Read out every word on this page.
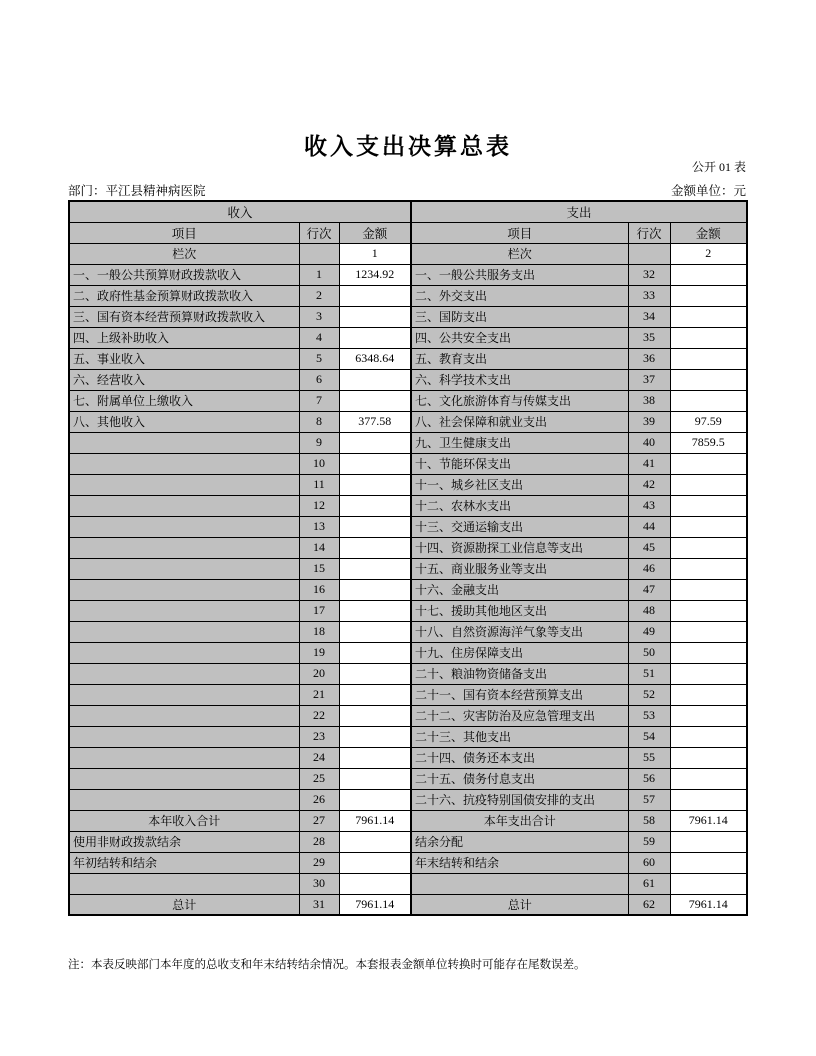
收入支出决算总表
公开 01 表
部门：平江县精神病医院	金额单位：元
收入			支出		
项目	行次	金额	项目	行次	金额
栏次		1	栏次		2
一、一般公共预算财政拨款收入	1	1234.92	一、一般公共服务支出	32	
二、政府性基金预算财政拨款收入	2		二、外交支出	33	
三、国有资本经营预算财政拨款收入	3		三、国防支出	34	
四、上级补助收入	4		四、公共安全支出	35	
五、事业收入	5	6348.64	五、教育支出	36	
六、经营收入	6		六、科学技术支出	37	
七、附属单位上缴收入	7		七、文化旅游体育与传媒支出	38	
八、其他收入	8	377.58	八、社会保障和就业支出	39	97.59
	9		九、卫生健康支出	40	7859.5
	10		十、节能环保支出	41	
	11		十一、城乡社区支出	42	
	12		十二、农林水支出	43	
	13		十三、交通运输支出	44	
	14		十四、资源勘探工业信息等支出	45	
	15		十五、商业服务业等支出	46	
	16		十六、金融支出	47	
	17		十七、援助其他地区支出	48	
	18		十八、自然资源海洋气象等支出	49	
	19		十九、住房保障支出	50	
	20		二十、粮油物资储备支出	51	
	21		二十一、国有资本经营预算支出	52	
	22		二十二、灾害防治及应急管理支出	53	
	23		二十三、其他支出	54	
	24		二十四、债务还本支出	55	
	25		二十五、债务付息支出	56	
	26		二十六、抗疫特别国债安排的支出	57	
本年收入合计	27	7961.14	本年支出合计	58	7961.14
使用非财政拨款结余	28		结余分配	59	
年初结转和结余	29		年末结转和结余	60	
	30			61	
总计	31	7961.14	总计	62	7961.14
注：本表反映部门本年度的总收支和年末结转结余情况。本套报表金额单位转换时可能存在尾数误差。
